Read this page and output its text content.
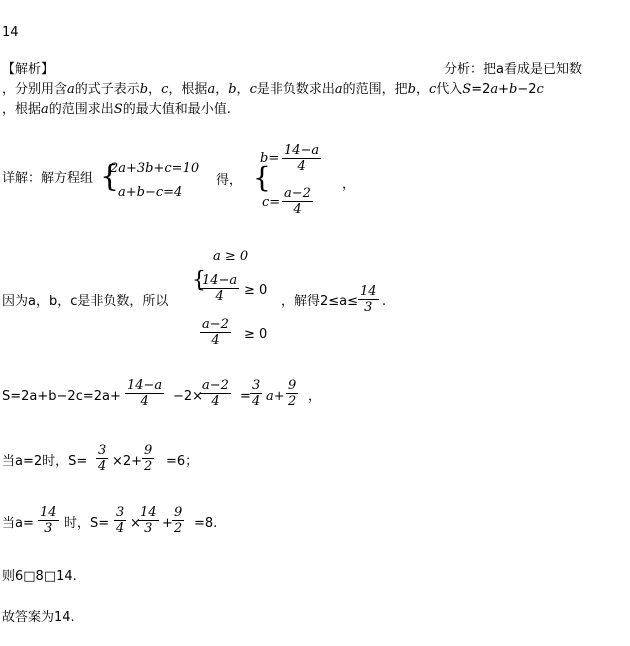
14
【解析】	分析：把a看成是已知数
，分别用含a的式子表示b，c，根据a，b，c是非负数求出a的范围，把b，c代入S=2a+b−2c
，根据a的范围求出S的最大值和最小值.
详解：解方程组 {
2a+3b+c=10
a+b−c=4
得， {
b=
14−a
4
c=
a−2
4
，
a ≥ 0
因为a，b，c是非负数，所以
{
14−a
4	≥ 0
a−2
4	≥ 0
，解得2≤a≤
14
3 .
S=2a+b−2c=2a+
14−a
4	−2×
a−2
4	=
3
4 a+
9
2 ，
当a=2时，S=
3
4 ×2+
9
2 =6；
当a=
14
3 时，S=
3
4 ×
14
3 +
9
2 =8.
则6□8□14.
故答案为14.
